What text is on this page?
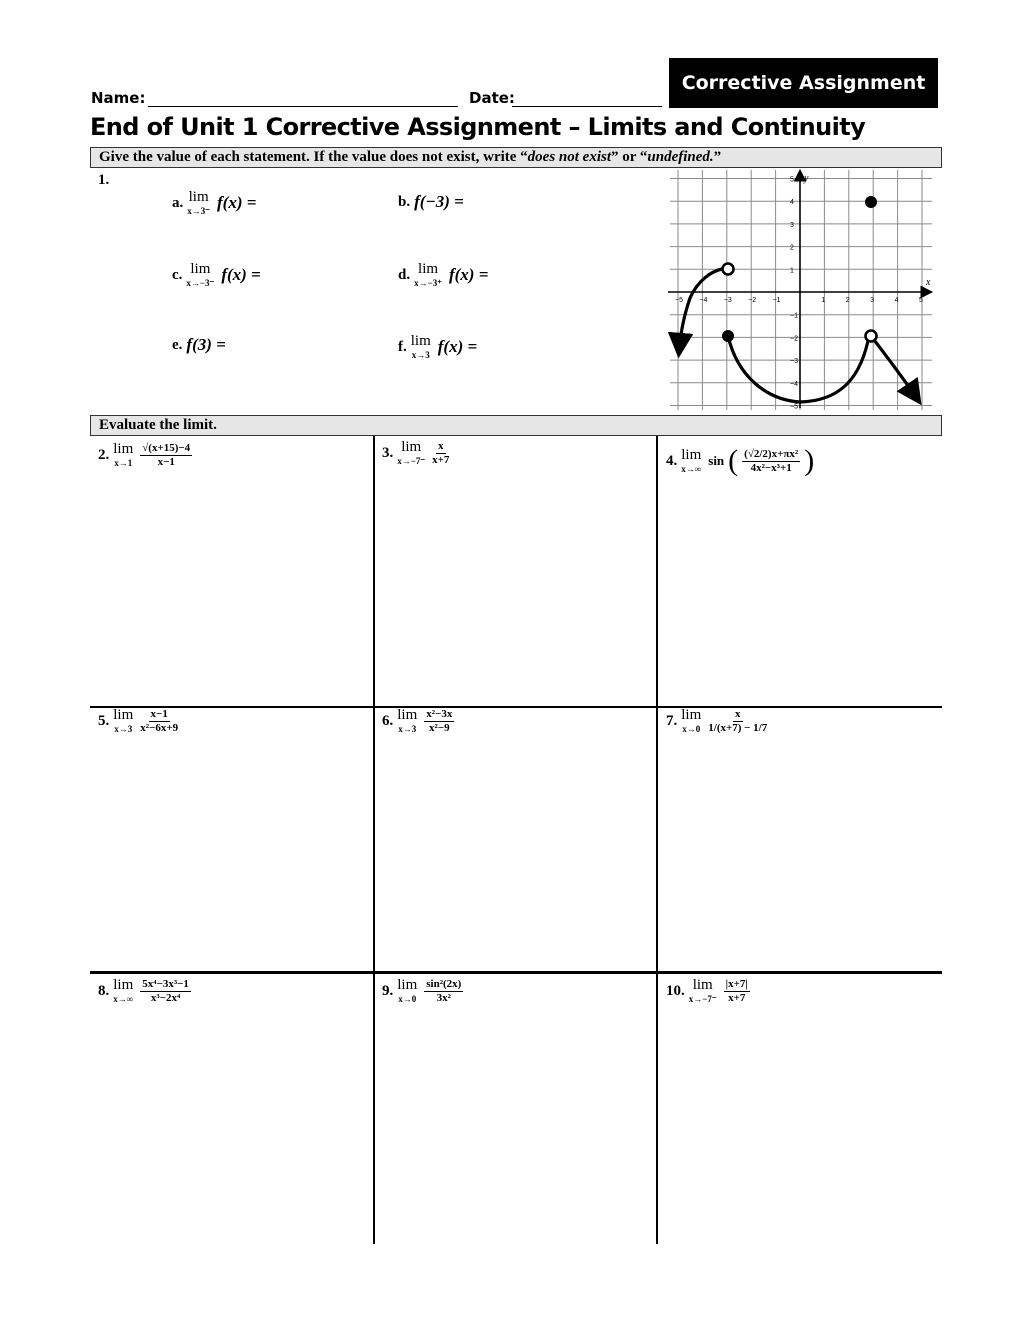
Corrective Assignment
Name:	Date:
End of Unit 1 Corrective Assignment – Limits and Continuity
Give the value of each statement. If the value does not exist, write “does not exist” or “undefined.”
1.
a. lim
x→3⁻ f(x) =	b. f(−3) =
c. lim
x→−3⁻ f(x) =	d. lim
x→−3⁺ f(x) =
e. f(3) =	f. lim
x→3 f(x) =
x
y
−5 −4 −3 −2 −1	1	2	3	4	5
5
4
3
2
1
−1
−2
−3
−4
−5
Evaluate the limit.
2. lim
$x\to 1 \frac{√(x+15)-4}{x-1}$	3. lim
$x\to-7^- \frac{x}{x+7}$	4. lim
x→∞
sin ( $\frac{\text{(√2/2)x+πx²}}{\text{4x²−x³+1}}$ )
5. lim
$x\to 3 \frac{x-1}{\text{x²−6x+9}}$	6. lim
$x\to 3 \frac{\text{x²−3x}}{\text{x²−9}}$	7. lim
$x\to 0 \frac{x}{1/(x+7) - 1/7}$
8. lim
$x\to\infty \frac{\text{5x⁴−3x³−1}}{\text{x³−2x⁴}}$	9. lim
$x\to 0 \frac{\text{sin²(2x)}}{\text{3x²}}$	10. lim
$x\to-7^- \frac{|x+7|}{x+7}$
